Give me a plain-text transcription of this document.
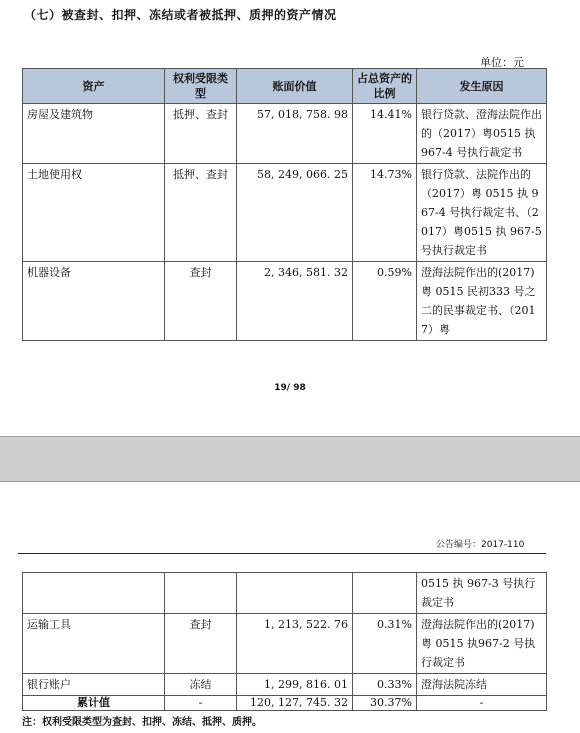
（七）被查封、扣押、冻结或者被抵押、质押的资产情况
单位：元
资产	权利受限类型	账面价值	占总资产的比例	发生原因
房屋及建筑物	抵押、查封	57, 018, 758. 98	14.41%	银行贷款、澄海法院作出的（2017）粤0515 执 967-4 号执行裁定书
土地使用权	抵押、查封	58, 249, 066. 25	14.73%	银行贷款、法院作出的（2017）粤 0515 执 967-4 号执行裁定书、（2017）粤0515 执 967-5 号执行裁定书
机器设备	查封	2, 346, 581. 32	0.59%	澄海法院作出的(2017)粤 0515 民初333 号之二的民事裁定书、（2017）粤
19/ 98
公告编号：2017-110
				0515 执 967-3 号执行裁定书
运输工具	查封	1, 213, 522. 76	0.31%	澄海法院作出的(2017)粤 0515 执967-2 号执行裁定书
银行账户	冻结	1, 299, 816. 01	0.33%	澄海法院冻结
累计值	-	120, 127, 745. 32	30.37%	-
注：权利受限类型为查封、扣押、冻结、抵押、质押。
